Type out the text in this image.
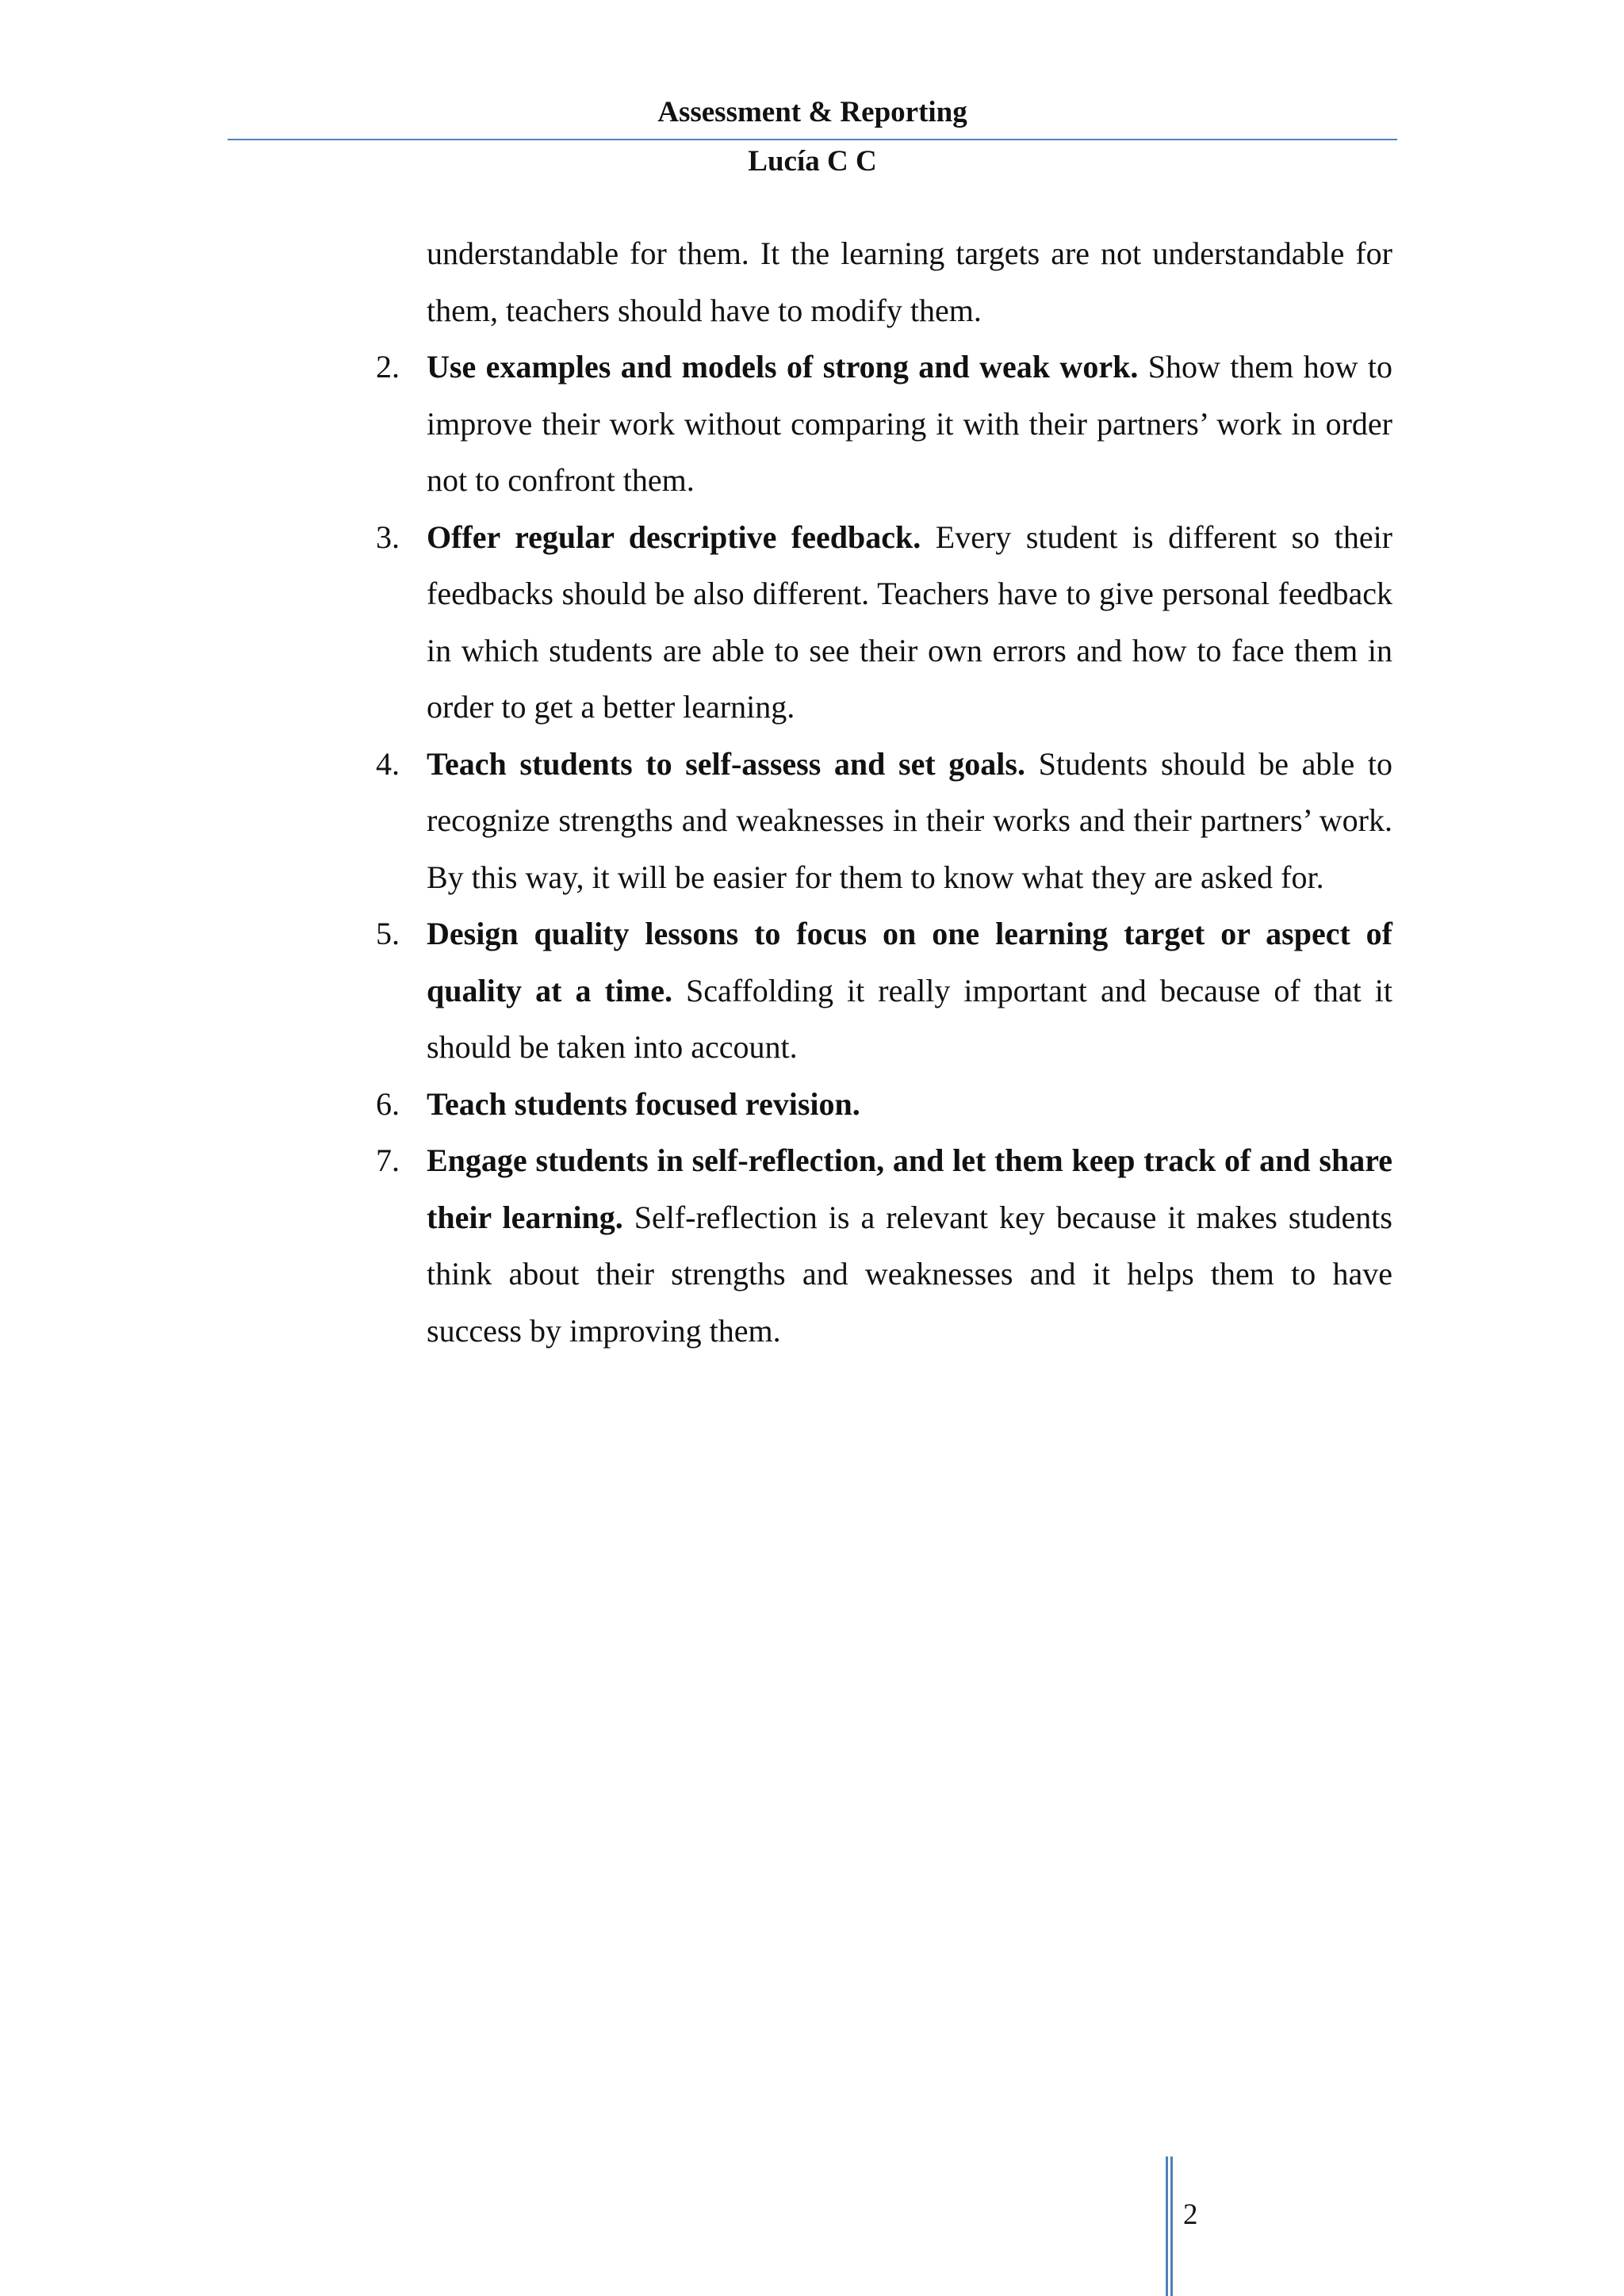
Assessment & Reporting
Lucía C C

understandable for them. It the learning targets are not understandable for them, teachers should have to modify them.

2. Use examples and models of strong and weak work. Show them how to improve their work without comparing it with their partners’ work in order not to confront them.
3. Offer regular descriptive feedback. Every student is different so their feedbacks should be also different. Teachers have to give personal feedback in which students are able to see their own errors and how to face them in order to get a better learning.
4. Teach students to self-assess and set goals. Students should be able to recognize strengths and weaknesses in their works and their partners’ work. By this way, it will be easier for them to know what they are asked for.
5. Design quality lessons to focus on one learning target or aspect of quality at a time. Scaffolding it really important and because of that it should be taken into account.
6. Teach students focused revision.
7. Engage students in self-reflection, and let them keep track of and share their learning. Self-reflection is a relevant key because it makes students think about their strengths and weaknesses and it helps them to have success by improving them.
2
